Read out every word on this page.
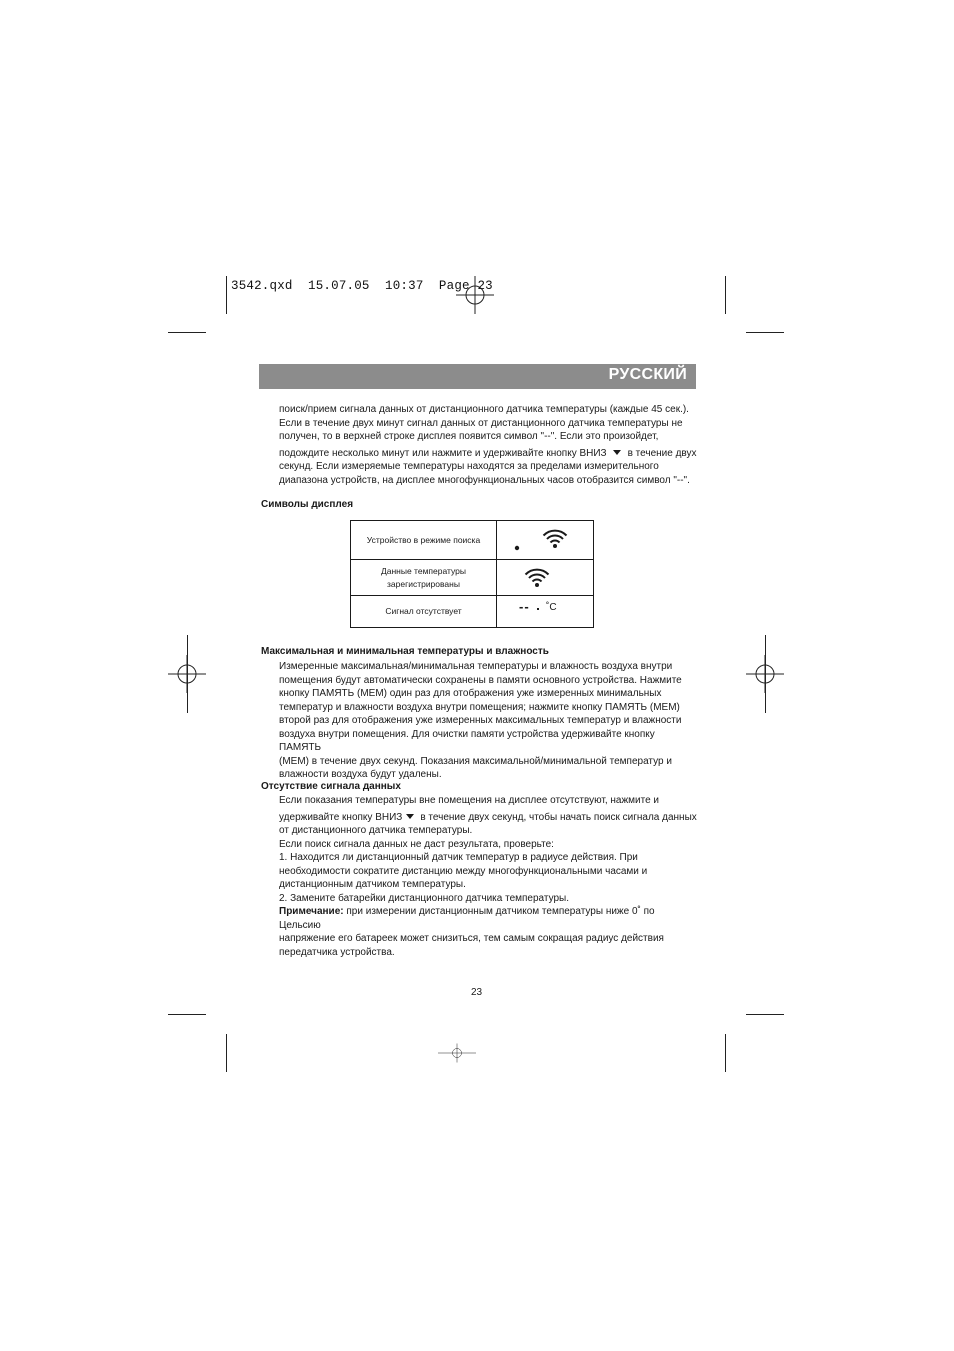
3542.qxd  15.07.05  10:37  Page 23
РУССКИЙ
поиск/прием сигнала данных от дистанционного датчика температуры (каждые 45 сек.).
Если в течение двух минут сигнал данных от дистанционного датчика температуры не
получен, то в верхней строке дисплея появится символ "--". Если это произойдет,
подождите несколько минут или нажмите и удерживайте кнопку ВНИЗ в течение двух
секунд. Если измеряемые температуры находятся за пределами измерительного
диапазона устройств, на дисплее многофункциональных часов отобразится символ "--".
Символы дисплея
Устройство в режиме поиска	

Данные температуры
зарегистрированы

Сигнал отсутствует	-- ˚C
Максимальная и минимальная температуры и влажность
Измеренные максимальная/минимальная температуры и влажность воздуха внутри
помещения будут автоматически сохранены в памяти основного устройства. Нажмите
кнопку ПАМЯТЬ (MEM) один раз для отображения уже измеренных минимальных
температур и влажности воздуха внутри помещения; нажмите кнопку ПАМЯТЬ (MEM)
второй раз для отображения уже измеренных максимальных температур и влажности
воздуха внутри помещения. Для очистки памяти устройства удерживайте кнопку ПАМЯТЬ
(MEM) в течение двух секунд. Показания максимальной/минимальной температур и
влажности воздуха будут удалены.
Отсутствие сигнала данных
Если показания температуры вне помещения на дисплее отсутствуют, нажмите и
удерживайте кнопку ВНИЗ в течение двух секунд, чтобы начать поиск сигнала данных
от дистанционного датчика температуры.
Если поиск сигнала данных не даст результата, проверьте:
1. Находится ли дистанционный датчик температур в радиусе действия. При
необходимости сократите дистанцию между многофункциональными часами и
дистанционным датчиком температуры.
2. Замените батарейки дистанционного датчика температуры.
Примечание: при измерении дистанционным датчиком температуры ниже 0˚ по Цельсию
напряжение его батареек может снизиться, тем самым сокращая радиус действия
передатчика устройства.
23
